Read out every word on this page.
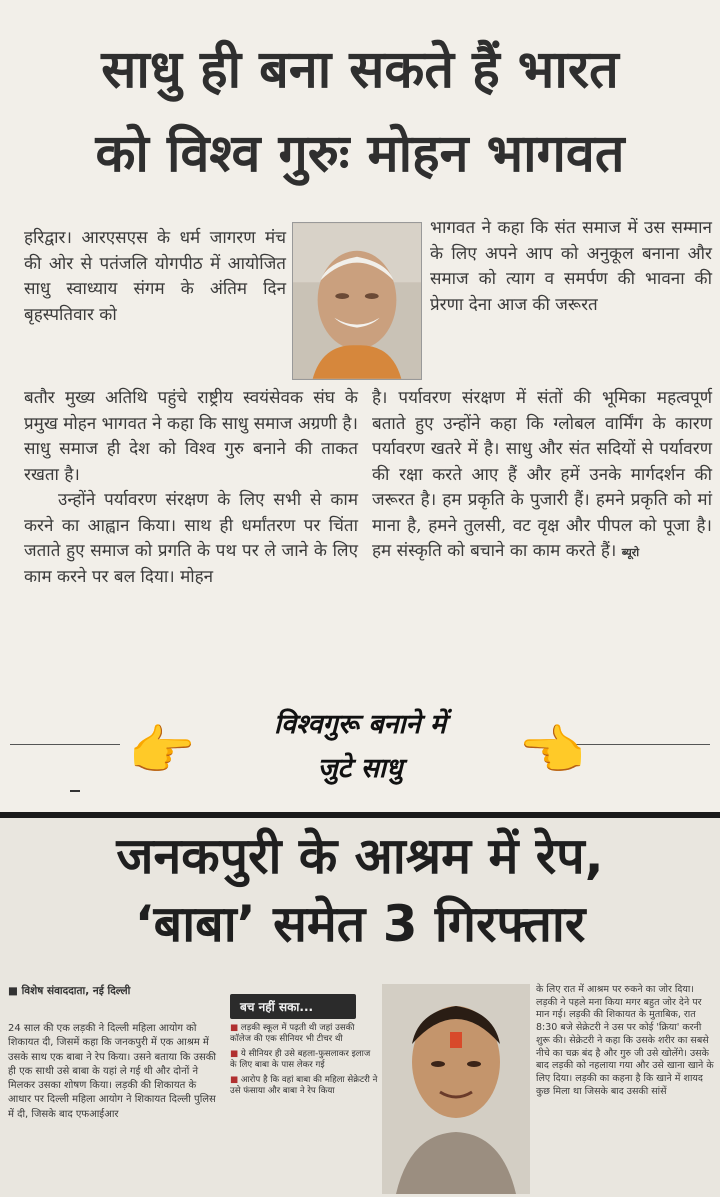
साधु ही बना सकते हैं भारत
को विश्व गुरुः मोहन भागवत

हरिद्वार। आरएसएस के धर्म जागरण मंच की ओर से पतंजलि योगपीठ में आयोजित साधु स्वाध्याय संगम के अंतिम दिन बृहस्पतिवार को

भागवत ने कहा कि संत समाज में उस सम्मान के लिए अपने आप को अनुकूल बनाना और समाज को त्याग व समर्पण की भावना की प्रेरणा देना आज की जरूरत

बतौर मुख्य अतिथि पहुंचे राष्ट्रीय स्वयंसेवक संघ के प्रमुख मोहन भागवत ने कहा कि साधु समाज अग्रणी है। साधु समाज ही देश को विश्व गुरु बनाने की ताकत रखता है।

उन्होंने पर्यावरण संरक्षण के लिए सभी से काम करने का आह्वान किया। साथ ही धर्मांतरण पर चिंता जताते हुए समाज को प्रगति के पथ पर ले जाने के लिए काम करने पर बल दिया। मोहन

है। पर्यावरण संरक्षण में संतों की भूमिका महत्वपूर्ण बताते हुए उन्होंने कहा कि ग्लोबल वार्मिंग के कारण पर्यावरण खतरे में है। साधु और संत सदियों से पर्यावरण की रक्षा करते आए हैं और हमें उनके मार्गदर्शन की जरूरत है। हम प्रकृति के पुजारी हैं। हमने प्रकृति को मां माना है, हमने तुलसी, वट वृक्ष और पीपल को पूजा है। हम संस्कृति को बचाने का काम करते हैं। ब्यूरो

👉	👉
विश्वगुरू बनाने में
जुटे साधु
जनकपुरी के आश्रम में रेप,
‘बाबा’ समेत 3 गिरफ्तार
■ विशेष संवाददाता, नई दिल्ली
24 साल की एक लड़की ने दिल्ली महिला आयोग को शिकायत दी, जिसमें कहा कि जनकपुरी में एक आश्रम में उसके साथ एक बाबा ने रेप किया। उसने बताया कि उसकी ही एक साथी उसे बाबा के यहां ले गई थी और दोनों ने मिलकर उसका शोषण किया। लड़की की शिकायत के आधार पर दिल्ली महिला आयोग ने शिकायत दिल्ली पुलिस में दी, जिसके बाद एफआईआर
बच नहीं सका...
■ लड़की स्कूल में पढ़ती थी जहां उसकी कॉलेज की एक सीनियर भी टीचर थी
■ ये सीनियर ही उसे बहला-फुसलाकर इलाज के लिए बाबा के पास लेकर गई
■ आरोप है कि वहां बाबा की महिला सेक्रेटरी ने उसे फंसाया और बाबा ने रेप किया
के लिए रात में आश्रम पर रुकने का जोर दिया। लड़की ने पहले मना किया मगर बहुत जोर देने पर मान गई। लड़की की शिकायत के मुताबिक, रात 8:30 बजे सेक्रेटरी ने उस पर कोई 'क्रिया' करनी शुरू की। सेक्रेटरी ने कहा कि उसके शरीर का सबसे नीचे का चक्र बंद है और गुरु जी उसे खोलेंगे। उसके बाद लड़की को नहलाया गया और उसे खाना खाने के लिए दिया। लड़की का कहना है कि खाने में शायद कुछ मिला था जिसके बाद उसकी सांसें
